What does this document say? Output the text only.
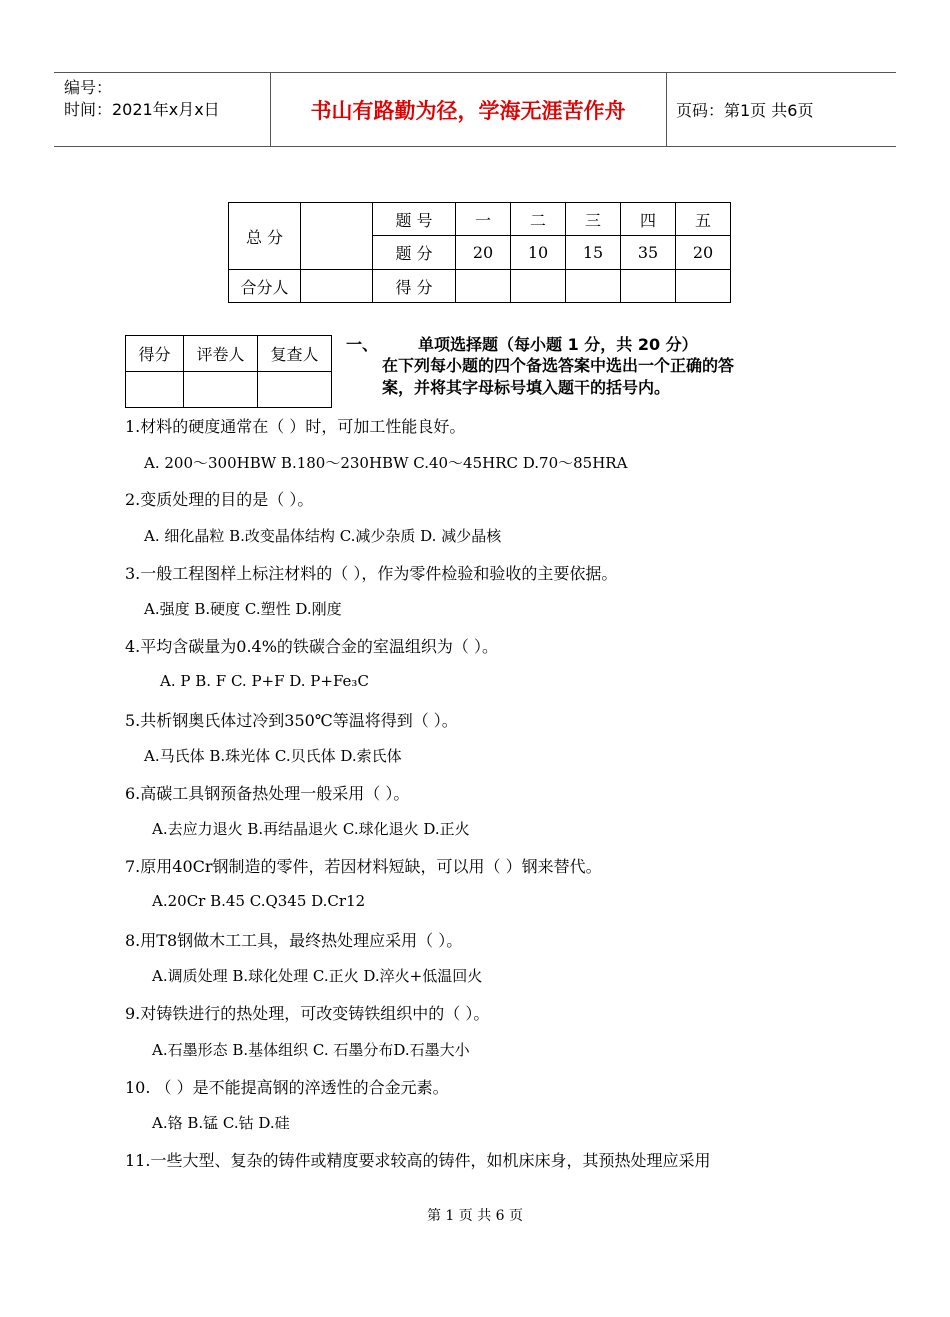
编号：
时间：2021年x月x日	书山有路勤为径，学海无涯苦作舟	页码：第1页 共6页
总 分		题 号	一	二	三	四	五
		题 分	20	10	15	35	20
合分人		得 分					
得分	评卷人	复查人

一、 单项选择题（每小题 1 分，共 20 分）
在下列每小题的四个备选答案中选出一个正确的答
案，并将其字母标号填入题干的括号内。
1.材料的硬度通常在（ ）时，可加工性能良好。
A. 200～300HBW B.180～230HBW C.40～45HRC D.70～85HRA
2.变质处理的目的是（ ）。
A. 细化晶粒 B.改变晶体结构 C.减少杂质 D. 减少晶核
3.一般工程图样上标注材料的（ ），作为零件检验和验收的主要依据。
A.强度 B.硬度 C.塑性 D.刚度
4.平均含碳量为0.4%的铁碳合金的室温组织为（ ）。
A. P B. F C. P+F D. P+Fe₃C
5.共析钢奥氏体过冷到350℃等温将得到（ ）。
A.马氏体 B.珠光体 C.贝氏体 D.索氏体
6.高碳工具钢预备热处理一般采用（ ）。
A.去应力退火 B.再结晶退火 C.球化退火 D.正火
7.原用40Cr钢制造的零件，若因材料短缺，可以用（ ）钢来替代。
A.20Cr B.45 C.Q345 D.Cr12
8.用T8钢做木工工具，最终热处理应采用（ ）。
A.调质处理 B.球化处理 C.正火 D.淬火+低温回火
9.对铸铁进行的热处理，可改变铸铁组织中的（ ）。
A.石墨形态 B.基体组织 C. 石墨分布D.石墨大小
10. （ ）是不能提高钢的淬透性的合金元素。
A.铬 B.锰 C.钴 D.硅
11.一些大型、复杂的铸件或精度要求较高的铸件，如机床床身，其预热处理应采用
第 1 页 共 6 页
